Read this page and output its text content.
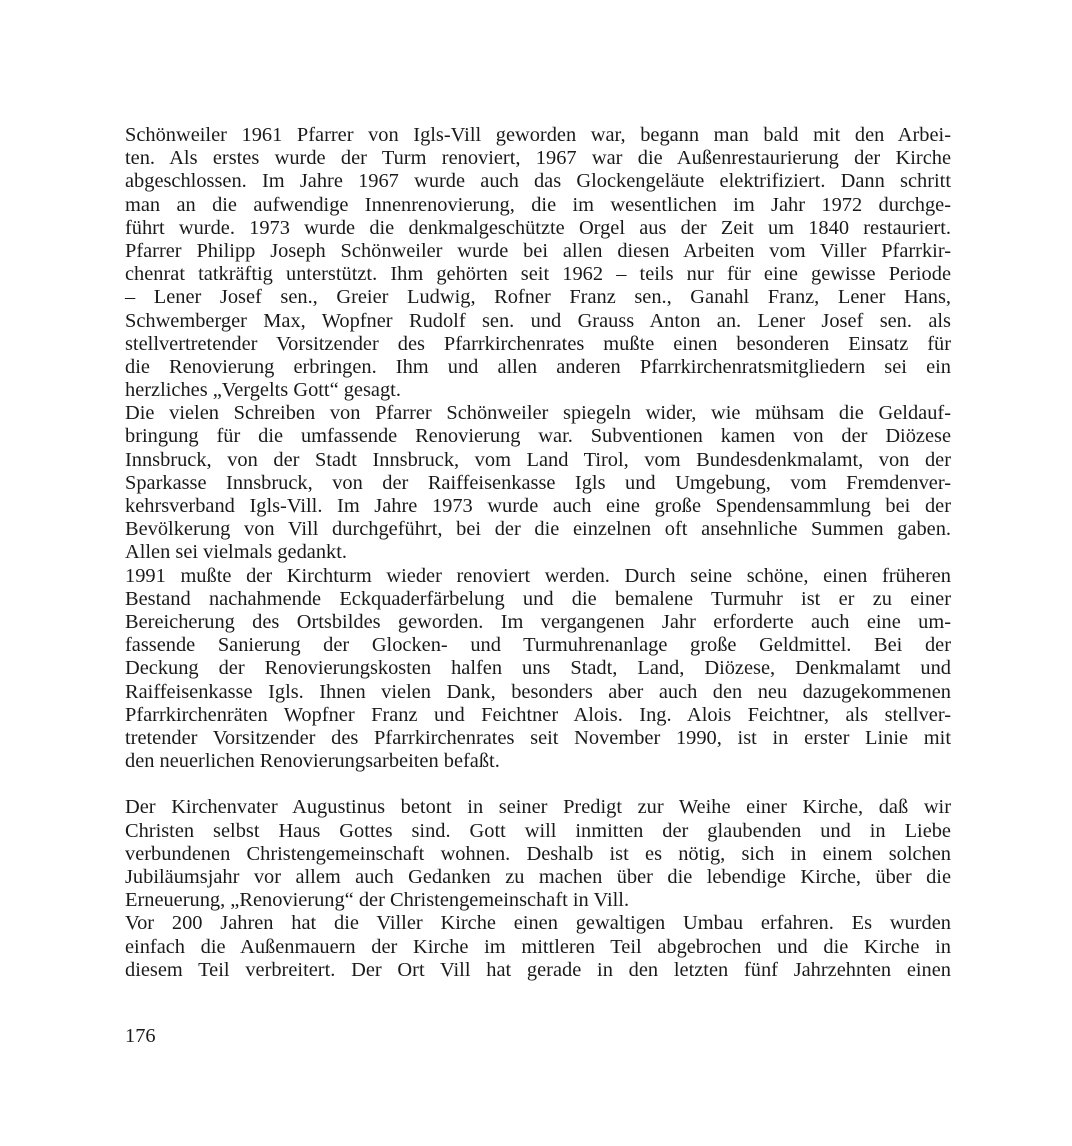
Schönweiler 1961 Pfarrer von Igls-Vill geworden war, begann man bald mit den Arbei-
ten. Als erstes wurde der Turm renoviert, 1967 war die Außenrestaurierung der Kirche
abgeschlossen. Im Jahre 1967 wurde auch das Glockengeläute elektrifiziert. Dann schritt
man an die aufwendige Innenrenovierung, die im wesentlichen im Jahr 1972 durchge-
führt wurde. 1973 wurde die denkmalgeschützte Orgel aus der Zeit um 1840 restauriert.
Pfarrer Philipp Joseph Schönweiler wurde bei allen diesen Arbeiten vom Viller Pfarrkir-
chenrat tatkräftig unterstützt. Ihm gehörten seit 1962 – teils nur für eine gewisse Periode
– Lener Josef sen., Greier Ludwig, Rofner Franz sen., Ganahl Franz, Lener Hans,
Schwemberger Max, Wopfner Rudolf sen. und Grauss Anton an. Lener Josef sen. als
stellvertretender Vorsitzender des Pfarrkirchenrates mußte einen besonderen Einsatz für
die Renovierung erbringen. Ihm und allen anderen Pfarrkirchenratsmitgliedern sei ein
herzliches „Vergelts Gott“ gesagt.
Die vielen Schreiben von Pfarrer Schönweiler spiegeln wider, wie mühsam die Geldauf-
bringung für die umfassende Renovierung war. Subventionen kamen von der Diözese
Innsbruck, von der Stadt Innsbruck, vom Land Tirol, vom Bundesdenkmalamt, von der
Sparkasse Innsbruck, von der Raiffeisenkasse Igls und Umgebung, vom Fremdenver-
kehrsverband Igls-Vill. Im Jahre 1973 wurde auch eine große Spendensammlung bei der
Bevölkerung von Vill durchgeführt, bei der die einzelnen oft ansehnliche Summen gaben.
Allen sei vielmals gedankt.
1991 mußte der Kirchturm wieder renoviert werden. Durch seine schöne, einen früheren
Bestand nachahmende Eckquaderfärbelung und die bemalene Turmuhr ist er zu einer
Bereicherung des Ortsbildes geworden. Im vergangenen Jahr erforderte auch eine um-
fassende Sanierung der Glocken- und Turmuhrenanlage große Geldmittel. Bei der
Deckung der Renovierungskosten halfen uns Stadt, Land, Diözese, Denkmalamt und
Raiffeisenkasse Igls. Ihnen vielen Dank, besonders aber auch den neu dazugekommenen
Pfarrkirchenräten Wopfner Franz und Feichtner Alois. Ing. Alois Feichtner, als stellver-
tretender Vorsitzender des Pfarrkirchenrates seit November 1990, ist in erster Linie mit
den neuerlichen Renovierungsarbeiten befaßt.
Der Kirchenvater Augustinus betont in seiner Predigt zur Weihe einer Kirche, daß wir
Christen selbst Haus Gottes sind. Gott will inmitten der glaubenden und in Liebe
verbundenen Christengemeinschaft wohnen. Deshalb ist es nötig, sich in einem solchen
Jubiläumsjahr vor allem auch Gedanken zu machen über die lebendige Kirche, über die
Erneuerung, „Renovierung“ der Christengemeinschaft in Vill.
Vor 200 Jahren hat die Viller Kirche einen gewaltigen Umbau erfahren. Es wurden
einfach die Außenmauern der Kirche im mittleren Teil abgebrochen und die Kirche in
diesem Teil verbreitert. Der Ort Vill hat gerade in den letzten fünf Jahrzehnten einen
176
